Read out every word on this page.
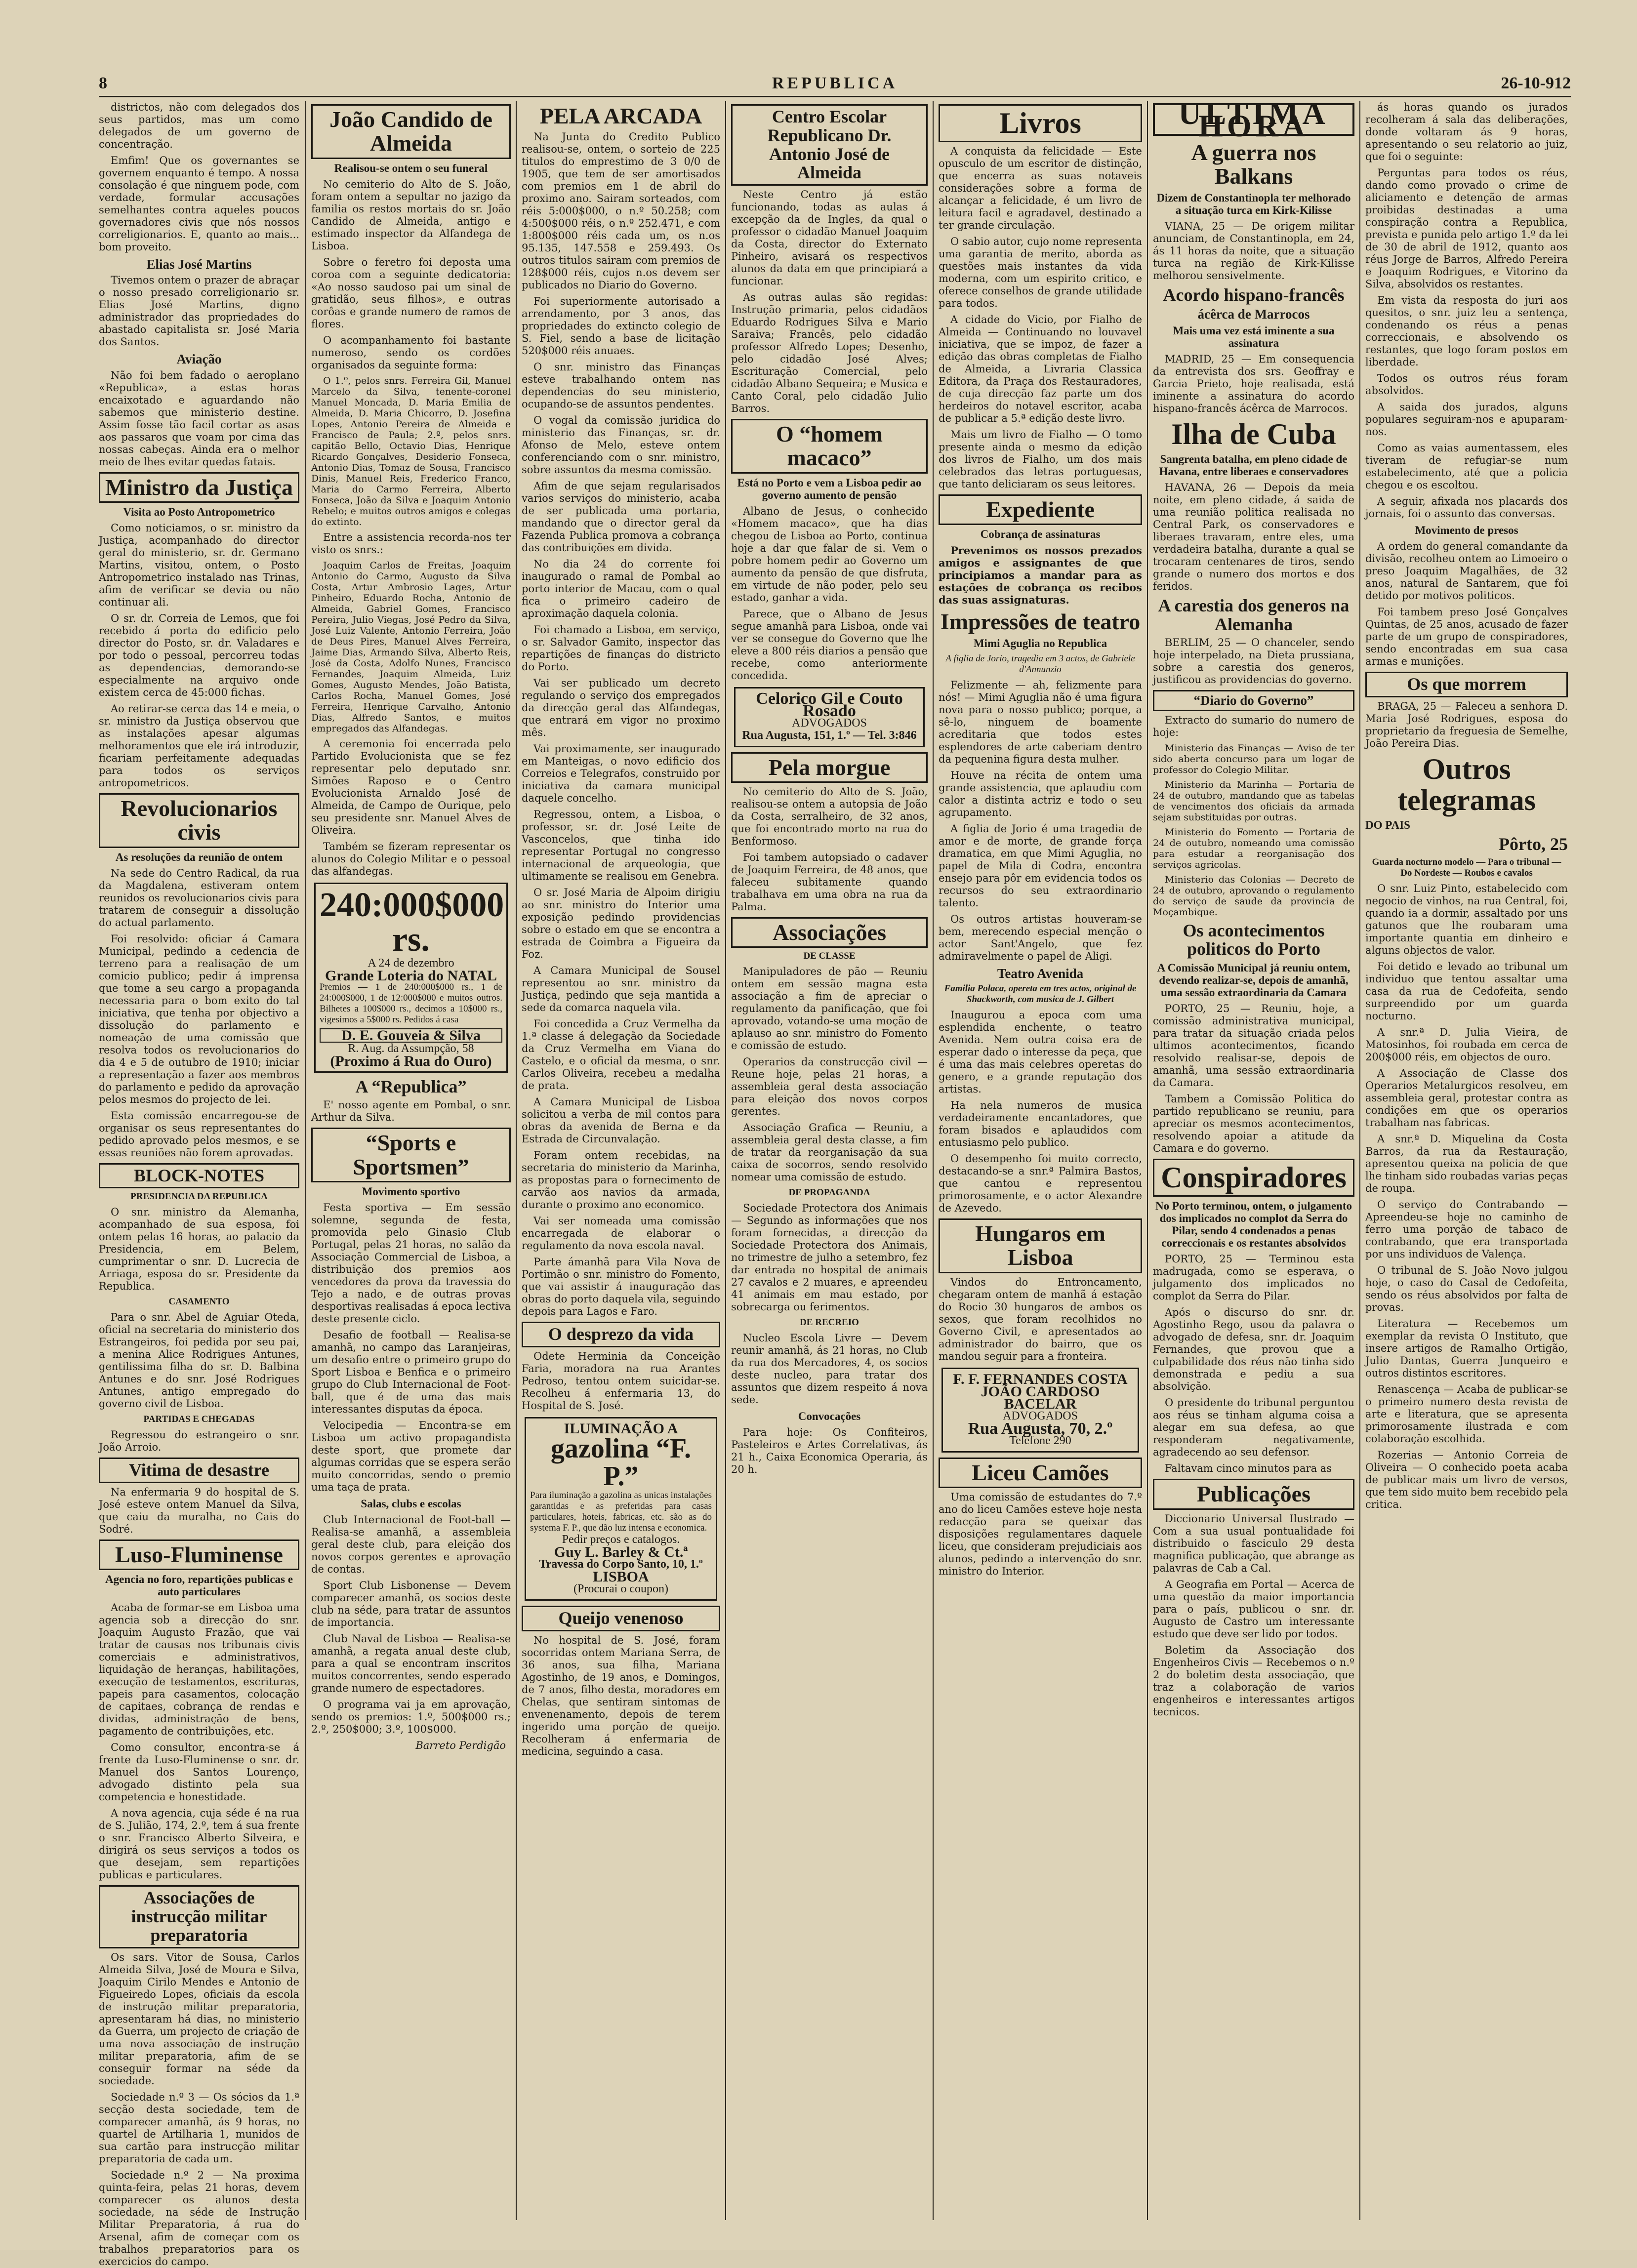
8	REPUBLICA	26-10-912

districtos, não com delegados dos seus partidos, mas um como delegados de um governo de concentração.

Emfim! Que os governantes se governem enquanto é tempo. A nossa consolação é que ninguem pode, com verdade, formular accusações semelhantes contra aqueles poucos governadores civis que nós nossos correligionarios. E, quanto ao mais... bom proveito.

Elias José Martins

Tivemos ontem o prazer de abraçar o nosso presado correligionario sr. Elias José Martins, digno administrador das propriedades do abastado capitalista sr. José Maria dos Santos.

Aviação

Não foi bem fadado o aeroplano «Republica», a estas horas encaixotado e aguardando não sabemos que ministerio destine. Assim fosse tão facil cortar as asas aos passaros que voam por cima das nossas cabeças. Ainda era o melhor meio de lhes evitar quedas fatais.

Ministro da Justiça
Visita ao Posto Antropometrico

Como noticiamos, o sr. ministro da Justiça, acompanhado do director geral do ministerio, sr. dr. Germano Martins, visitou, ontem, o Posto Antropometrico instalado nas Trinas, afim de verificar se devia ou não continuar ali.

O sr. dr. Correia de Lemos, que foi recebido á porta do edificio pelo director do Posto, sr. dr. Valadares e por todo o pessoal, percorreu todas as dependencias, demorando-se especialmente na arquivo onde existem cerca de 45:000 fichas.

Ao retirar-se cerca das 14 e meia, o sr. ministro da Justiça observou que as instalações apesar algumas melhoramentos que ele irá introduzir, ficariam perfeitamente adequadas para todos os serviços antropometricos.

Revolucionarios civis
As resoluções da reunião de ontem

Na sede do Centro Radical, da rua da Magdalena, estiveram ontem reunidos os revolucionarios civis para tratarem de conseguir a dissolução do actual parlamento.

Foi resolvido: oficiar á Camara Municipal, pedindo a cedencia de terreno para a realisação de um comicio publico; pedir á imprensa que tome a seu cargo a propaganda necessaria para o bom exito do tal iniciativa, que tenha por objectivo a dissolução do parlamento e nomeação de uma comissão que resolva todos os revolucionarios do dia 4 e 5 de outubro de 1910; iniciar a representação a fazer aos membros do parlamento e pedido da aprovação pelos mesmos do projecto de lei.

Esta comissão encarregou-se de organisar os seus representantes do pedido aprovado pelos mesmos, e se essas reuniões não forem aprovadas.

BLOCK-NOTES
PRESIDENCIA DA REPUBLICA

O snr. ministro da Alemanha, acompanhado de sua esposa, foi ontem pelas 16 horas, ao palacio da Presidencia, em Belem, cumprimentar o snr. D. Lucrecia de Arriaga, esposa do sr. Presidente da Republica.

CASAMENTO

Para o snr. Abel de Aguiar Oteda, oficial na secretaria do ministerio dos Estrangeiros, foi pedida por seu pai, a menina Alice Rodrigues Antunes, gentilissima filha do sr. D. Balbina Antunes e do snr. José Rodrigues Antunes, antigo empregado do governo civil de Lisboa.

PARTIDAS E CHEGADAS

Regressou do estrangeiro o snr. João Arroio.

Vitima de desastre

Na enfermaria 9 do hospital de S. José esteve ontem Manuel da Silva, que caiu da muralha, no Cais do Sodré.

Luso-Fluminense
Agencia no foro, repartições publicas e auto particulares

Acaba de formar-se em Lisboa uma agencia sob a direcção do snr. Joaquim Augusto Frazão, que vai tratar de causas nos tribunais civis comerciais e administrativos, liquidação de heranças, habilitações, execução de testamentos, escrituras, papeis para casamentos, colocação de capitaes, cobrança de rendas e dividas, administração de bens, pagamento de contribuições, etc.

Como consultor, encontra-se á frente da Luso-Fluminense o snr. dr. Manuel dos Santos Lourenço, advogado distinto pela sua competencia e honestidade.

A nova agencia, cuja séde é na rua de S. Julião, 174, 2.º, tem á sua frente o snr. Francisco Alberto Silveira, e dirigirá os seus serviços a todos os que desejam, sem repartições publicas e particulares.

Associações de instrucção militar preparatoria

Os sars. Vitor de Sousa, Carlos Almeida Silva, José de Moura e Silva, Joaquim Cirilo Mendes e Antonio de Figueiredo Lopes, oficiais da escola de instrução militar preparatoria, apresentaram há dias, no ministerio da Guerra, um projecto de criação de uma nova associação de instrução militar preparatoria, afim de se conseguir formar na séde da sociedade.

Sociedade n.º 3 — Os sócios da 1.ª secção desta sociedade, tem de comparecer amanhã, ás 9 horas, no quartel de Artilharia 1, munidos de sua cartão para instrucção militar preparatoria de cada um.

Sociedade n.º 2 — Na proxima quinta-feira, pelas 21 horas, devem comparecer os alunos desta sociedade, na séde de Instrução Militar Preparatoria, á rua do Arsenal, afim de começar com os trabalhos preparatorios para os exercicios do campo.

João Candido de Almeida
Realisou-se ontem o seu funeral

No cemiterio do Alto de S. João, foram ontem a sepultar no jazigo da familia os restos mortais do sr. João Candido de Almeida, antigo e estimado inspector da Alfandega de Lisboa.

Sobre o feretro foi deposta uma coroa com a seguinte dedicatoria: «Ao nosso saudoso pai um sinal de gratidão, seus filhos», e outras corôas e grande numero de ramos de flores.

O acompanhamento foi bastante numeroso, sendo os cordões organisados da seguinte forma:

O 1.º, pelos snrs. Ferreira Gil, Manuel Marcelo da Silva, tenente-coronel Manuel Moncada, D. Maria Emilia de Almeida, D. Maria Chicorro, D. Josefina Lopes, Antonio Pereira de Almeida e Francisco de Paula; 2.º, pelos snrs. capitão Bello, Octavio Dias, Henrique Ricardo Gonçalves, Desiderio Fonseca, Antonio Dias, Tomaz de Sousa, Francisco Dinis, Manuel Reis, Frederico Franco, Maria do Carmo Ferreira, Alberto Fonseca, João da Silva e Joaquim Antonio Rebelo; e muitos outros amigos e colegas do extinto.

Entre a assistencia recorda-nos ter visto os snrs.:

Joaquim Carlos de Freitas, Joaquim Antonio do Carmo, Augusto da Silva Costa, Artur Ambrosio Lages, Artur Pinheiro, Eduardo Rocha, Antonio de Almeida, Gabriel Gomes, Francisco Pereira, Julio Viegas, José Pedro da Silva, José Luiz Valente, Antonio Ferreira, João de Deus Pires, Manuel Alves Ferreira, Jaime Dias, Armando Silva, Alberto Reis, José da Costa, Adolfo Nunes, Francisco Fernandes, Joaquim Almeida, Luiz Gomes, Augusto Mendes, João Batista, Carlos Rocha, Manuel Gomes, José Ferreira, Henrique Carvalho, Antonio Dias, Alfredo Santos, e muitos empregados das Alfandegas.

A ceremonia foi encerrada pelo Partido Evolucionista que se fez representar pelo deputado snr. Simões Raposo e o Centro Evolucionista Arnaldo José de Almeida, de Campo de Ourique, pelo seu presidente snr. Manuel Alves de Oliveira.

Também se fizeram representar os alunos do Colegio Militar e o pessoal das alfandegas.

240:000$000 rs.
A 24 de dezembro
Grande Loteria do NATAL
Premios — 1 de 240:000$000 rs., 1 de 24:000$000, 1 de 12:000$000 e muitos outros. Bilhetes a 100$000 rs., decimos a 10$000 rs., vigesimos a 5$000 rs. Pedidos á casa
D. E. Gouveia & Silva
R. Aug. da Assumpção, 58
(Proximo á Rua do Ouro)
A “Republica”

E' nosso agente em Pombal, o snr. Arthur da Silva.

“Sports e Sportsmen”
Movimento sportivo

Festa sportiva — Em sessão solemne, segunda de festa, promovida pelo Ginasio Club Portugal, pelas 21 horas, no salão da Associação Commercial de Lisboa, a distribuição dos premios aos vencedores da prova da travessia do Tejo a nado, e de outras provas desportivas realisadas á epoca lectiva deste presente ciclo.

Desafio de football — Realisa-se amanhã, no campo das Laranjeiras, um desafio entre o primeiro grupo do Sport Lisboa e Benfica e o primeiro grupo do Club Internacional de Foot-ball, que é de uma das mais interessantes disputas da época.

Velocipedia — Encontra-se em Lisboa um activo propagandista deste sport, que promete dar algumas corridas que se espera serão muito concorridas, sendo o premio uma taça de prata.

Salas, clubs e escolas

Club Internacional de Foot-ball — Realisa-se amanhã, a assembleia geral deste club, para eleição dos novos corpos gerentes e aprovação de contas.

Sport Club Lisbonense — Devem comparecer amanhã, os socios deste club na séde, para tratar de assuntos de importancia.

Club Naval de Lisboa — Realisa-se amanhã, a regata anual deste club, para a qual se encontram inscritos muitos concorrentes, sendo esperado grande numero de espectadores.

O programa vai ja em aprovação, sendo os premios: 1.º, 500$000 rs.; 2.º, 250$000; 3.º, 100$000.

Barreto Perdigão
PELA ARCADA

Na Junta do Credito Publico realisou-se, ontem, o sorteio de 225 titulos do emprestimo de 3 0/0 de 1905, que tem de ser amortisados com premios em 1 de abril do proximo ano. Sairam sorteados, com réis 5:000$000, o n.º 50.258; com 4:500$000 réis, o n.º 252.471, e com 1:800$000 réis cada um, os n.os 95.135, 147.558 e 259.493. Os outros titulos sairam com premios de 128$000 réis, cujos n.os devem ser publicados no Diario do Governo.

Foi superiormente autorisado a arrendamento, por 3 anos, das propriedades do extincto colegio de S. Fiel, sendo a base de licitação 520$000 réis anuaes.

O snr. ministro das Finanças esteve trabalhando ontem nas dependencias do seu ministerio, ocupando-se de assuntos pendentes.

O vogal da comissão juridica do ministerio das Finanças, sr. dr. Afonso de Melo, esteve ontem conferenciando com o snr. ministro, sobre assuntos da mesma comissão.

Afim de que sejam regularisados varios serviços do ministerio, acaba de ser publicada uma portaria, mandando que o director geral da Fazenda Publica promova a cobrança das contribuições em divida.

No dia 24 do corrente foi inaugurado o ramal de Pombal ao porto interior de Macau, com o qual fica o primeiro cadeiro de aproximação daquela colonia.

Foi chamado a Lisboa, em serviço, o sr. Salvador Gamito, inspector das repartições de finanças do districto do Porto.

Vai ser publicado um decreto regulando o serviço dos empregados da direcção geral das Alfandegas, que entrará em vigor no proximo mês.

Vai proximamente, ser inaugurado em Manteigas, o novo edificio dos Correios e Telegrafos, construido por iniciativa da camara municipal daquele concelho.

Regressou, ontem, a Lisboa, o professor, sr. dr. José Leite de Vasconcelos, que tinha ido representar Portugal no congresso internacional de arqueologia, que ultimamente se realisou em Genebra.

O sr. José Maria de Alpoim dirigiu ao snr. ministro do Interior uma exposição pedindo providencias sobre o estado em que se encontra a estrada de Coimbra a Figueira da Foz.

A Camara Municipal de Sousel representou ao snr. ministro da Justiça, pedindo que seja mantida a sede da comarca naquela vila.

Foi concedida a Cruz Vermelha da 1.ª classe á delegação da Sociedade da Cruz Vermelha em Viana do Castelo, e o oficial da mesma, o snr. Carlos Oliveira, recebeu a medalha de prata.

A Camara Municipal de Lisboa solicitou a verba de mil contos para obras da avenida de Berna e da Estrada de Circunvalação.

Foram ontem recebidas, na secretaria do ministerio da Marinha, as propostas para o fornecimento de carvão aos navios da armada, durante o proximo ano economico.

Vai ser nomeada uma comissão encarregada de elaborar o regulamento da nova escola naval.

Parte ámanhã para Vila Nova de Portimão o snr. ministro do Fomento, que vai assistir á inauguração das obras do porto daquela vila, seguindo depois para Lagos e Faro.

O desprezo da vida

Odete Herminia da Conceição Faria, moradora na rua Arantes Pedroso, tentou ontem suicidar-se. Recolheu á enfermaria 13, do Hospital de S. José.

ILUMINAÇÃO A
gazolina “F. P.”
Para iluminação a gazolina as unicas instalações garantidas e as preferidas para casas particulares, hoteis, fabricas, etc. são as do systema F. P., que dão luz intensa e economica.
Pedir preços e catalogos.
Guy L. Barley & Ct.ª
Travessa do Corpo Santo, 10, 1.º
LISBOA
(Procurai o coupon)
Queijo venenoso

No hospital de S. José, foram socorridas ontem Mariana Serra, de 36 anos, sua filha, Mariana Agostinho, de 19 anos, e Domingos, de 7 anos, filho desta, moradores em Chelas, que sentiram sintomas de envenenamento, depois de terem ingerido uma porção de queijo. Recolheram á enfermaria de medicina, seguindo a casa.

Centro Escolar Republicano Dr. Antonio José de Almeida

Neste Centro já estão funcionando, todas as aulas á excepção da de Ingles, da qual o professor o cidadão Manuel Joaquim da Costa, director do Externato Pinheiro, avisará os respectivos alunos da data em que principiará a funcionar.

As outras aulas são regidas: Instrução primaria, pelos cidadãos Eduardo Rodrigues Silva e Mario Saraiva; Francês, pelo cidadão professor Alfredo Lopes; Desenho, pelo cidadão José Alves; Escrituração Comercial, pelo cidadão Albano Sequeira; e Musica e Canto Coral, pelo cidadão Julio Barros.

O “homem macaco”
Está no Porto e vem a Lisboa pedir ao governo aumento de pensão

Albano de Jesus, o conhecido «Homem macaco», que ha dias chegou de Lisboa ao Porto, continua hoje a dar que falar de si. Vem o pobre homem pedir ao Governo um aumento da pensão de que disfruta, em virtude de não poder, pelo seu estado, ganhar a vida.

Parece, que o Albano de Jesus segue amanhã para Lisboa, onde vai ver se consegue do Governo que lhe eleve a 800 réis diarios a pensão que recebe, como anteriormente concedida.

Celorico Gil e Couto Rosado
ADVOGADOS
Rua Augusta, 151, 1.º — Tel. 3:846
Pela morgue

No cemiterio do Alto de S. João, realisou-se ontem a autopsia de João da Costa, serralheiro, de 32 anos, que foi encontrado morto na rua do Benformoso.

Foi tambem autopsiado o cadaver de Joaquim Ferreira, de 48 anos, que faleceu subitamente quando trabalhava em uma obra na rua da Palma.

Associações
DE CLASSE

Manipuladores de pão — Reuniu ontem em sessão magna esta associação a fim de apreciar o regulamento da panificação, que foi aprovado, votando-se uma moção de aplauso ao snr. ministro do Fomento e comissão de estudo.

Operarios da construcção civil — Reune hoje, pelas 21 horas, a assembleia geral desta associação para eleição dos novos corpos gerentes.

Associação Grafica — Reuniu, a assembleia geral desta classe, a fim de tratar da reorganisação da sua caixa de socorros, sendo resolvido nomear uma comissão de estudo.

DE PROPAGANDA

Sociedade Protectora dos Animais — Segundo as informações que nos foram fornecidas, a direcção da Sociedade Protectora dos Animais, no trimestre de julho a setembro, fez dar entrada no hospital de animais 27 cavalos e 2 muares, e apreendeu 41 animais em mau estado, por sobrecarga ou ferimentos.

DE RECREIO

Nucleo Escola Livre — Devem reunir amanhã, ás 21 horas, no Club da rua dos Mercadores, 4, os socios deste nucleo, para tratar dos assuntos que dizem respeito á nova sede.

Convocações

Para hoje: Os Confiteiros, Pasteleiros e Artes Correlativas, ás 21 h., Caixa Economica Operaria, ás 20 h.

Livros

A conquista da felicidade — Este opusculo de um escritor de distinção, que encerra as suas notaveis considerações sobre a forma de alcançar a felicidade, é um livro de leitura facil e agradavel, destinado a ter grande circulação.

O sabio autor, cujo nome representa uma garantia de merito, aborda as questões mais instantes da vida moderna, com um espirito critico, e oferece conselhos de grande utilidade para todos.

A cidade do Vicio, por Fialho de Almeida — Continuando no louvavel iniciativa, que se impoz, de fazer a edição das obras completas de Fialho de Almeida, a Livraria Classica Editora, da Praça dos Restauradores, de cuja direcção faz parte um dos herdeiros do notavel escritor, acaba de publicar a 5.ª edição deste livro.

Mais um livro de Fialho — O tomo presente ainda o mesmo da edição dos livros de Fialho, um dos mais celebrados das letras portuguesas, que tanto deliciaram os seus leitores.

Expediente
Cobrança de assinaturas

Prevenimos os nossos prezados amigos e assignantes de que principiamos a mandar para as estações de cobrança os recibos das suas assignaturas.

Impressões de teatro
Mimi Aguglia no Republica
A figlia de Jorio, tragedia em 3 actos, de Gabriele d'Annunzio

Felizmente — ah, felizmente para nós! — Mimi Aguglia não é uma figura nova para o nosso publico; porque, a sê-lo, ninguem de boamente acreditaria que todos estes esplendores de arte caberiam dentro da pequenina figura desta mulher.

Houve na récita de ontem uma grande assistencia, que aplaudiu com calor a distinta actriz e todo o seu agrupamento.

A figlia de Jorio é uma tragedia de amor e de morte, de grande força dramatica, em que Mimi Aguglia, no papel de Mila di Codra, encontra ensejo para pôr em evidencia todos os recursos do seu extraordinario talento.

Os outros artistas houveram-se bem, merecendo especial menção o actor Sant'Angelo, que fez admiravelmente o papel de Aligi.

Teatro Avenida
Familia Polaca, opereta em tres actos, original de Shackworth, com musica de J. Gilbert

Inaugurou a epoca com uma esplendida enchente, o teatro Avenida. Nem outra coisa era de esperar dado o interesse da peça, que é uma das mais celebres operetas do genero, e a grande reputação dos artistas.

Ha nela numeros de musica verdadeiramente encantadores, que foram bisados e aplaudidos com entusiasmo pelo publico.

O desempenho foi muito correcto, destacando-se a snr.ª Palmira Bastos, que cantou e representou primorosamente, e o actor Alexandre de Azevedo.

Hungaros em Lisboa

Vindos do Entroncamento, chegaram ontem de manhã á estação do Rocio 30 hungaros de ambos os sexos, que foram recolhidos no Governo Civil, e apresentados ao administrador do bairro, que os mandou seguir para a fronteira.

F. F. FERNANDES COSTA
JOÃO CARDOSO BACELAR
ADVOGADOS
Rua Augusta, 70, 2.º
Telefone 290
Liceu Camões

Uma comissão de estudantes do 7.º ano do liceu Camões esteve hoje nesta redacção para se queixar das disposições regulamentares daquele liceu, que consideram prejudiciais aos alunos, pedindo a intervenção do snr. ministro do Interior.

ULTIMA HORA
A guerra nos Balkans
Dizem de Constantinopla ter melhorado a situação turca em Kirk-Kilisse

VIANA, 25 — De origem militar anunciam, de Constantinopla, em 24, ás 11 horas da noite, que a situação turca na região de Kirk-Kilisse melhorou sensivelmente.

Acordo hispano-francês
ácêrca de Marrocos
Mais uma vez está iminente a sua assinatura

MADRID, 25 — Em consequencia da entrevista dos srs. Geoffray e Garcia Prieto, hoje realisada, está iminente a assinatura do acordo hispano-francês ácêrca de Marrocos.

Ilha de Cuba
Sangrenta batalha, em pleno cidade de Havana, entre liberaes e conservadores

HAVANA, 26 — Depois da meia noite, em pleno cidade, á saida de uma reunião politica realisada no Central Park, os conservadores e liberaes travaram, entre eles, uma verdadeira batalha, durante a qual se trocaram centenares de tiros, sendo grande o numero dos mortos e dos feridos.

A carestia dos generos na Alemanha

BERLIM, 25 — O chanceler, sendo hoje interpelado, na Dieta prussiana, sobre a carestia dos generos, justificou as providencias do governo.

“Diario do Governo”

Extracto do sumario do numero de hoje:

Ministerio das Finanças — Aviso de ter sido aberta concurso para um logar de professor do Colegio Militar.

Ministerio da Marinha — Portaria de 24 de outubro, mandando que as tabelas de vencimentos dos oficiais da armada sejam substituidas por outras.

Ministerio do Fomento — Portaria de 24 de outubro, nomeando uma comissão para estudar a reorganisação dos serviços agricolas.

Ministerio das Colonias — Decreto de 24 de outubro, aprovando o regulamento do serviço de saude da provincia de Moçambique.

Os acontecimentos politicos do Porto
A Comissão Municipal já reuniu ontem, devendo realizar-se, depois de amanhã, uma sessão extraordinaria da Camara

PORTO, 25 — Reuniu, hoje, a comissão administrativa municipal, para tratar da situação criada pelos ultimos acontecimentos, ficando resolvido realisar-se, depois de amanhã, uma sessão extraordinaria da Camara.

Tambem a Comissão Politica do partido republicano se reuniu, para apreciar os mesmos acontecimentos, resolvendo apoiar a atitude da Camara e do governo.

Conspiradores
No Porto terminou, ontem, o julgamento dos implicados no complot da Serra do Pilar, sendo 4 condenados a penas correccionais e os restantes absolvidos

PORTO, 25 — Terminou esta madrugada, como se esperava, o julgamento dos implicados no complot da Serra do Pilar.

Após o discurso do snr. dr. Agostinho Rego, usou da palavra o advogado de defesa, snr. dr. Joaquim Fernandes, que provou que a culpabilidade dos réus não tinha sido demonstrada e pediu a sua absolvição.

O presidente do tribunal perguntou aos réus se tinham alguma coisa a alegar em sua defesa, ao que responderam negativamente, agradecendo ao seu defensor.

Faltavam cinco minutos para as

Publicações

Diccionario Universal Ilustrado — Com a sua usual pontualidade foi distribuido o fasciculo 29 desta magnifica publicação, que abrange as palavras de Cab a Cal.

A Geografia em Portal — Acerca de uma questão da maior importancia para o país, publicou o snr. dr. Augusto de Castro um interessante estudo que deve ser lido por todos.

Boletim da Associação dos Engenheiros Civis — Recebemos o n.º 2 do boletim desta associação, que traz a colaboração de varios engenheiros e interessantes artigos tecnicos.

ás horas quando os jurados recolheram á sala das deliberações, donde voltaram ás 9 horas, apresentando o seu relatorio ao juiz, que foi o seguinte:

Perguntas para todos os réus, dando como provado o crime de aliciamento e detenção de armas proibidas destinadas a uma conspiração contra a Republica, prevista e punida pelo artigo 1.º da lei de 30 de abril de 1912, quanto aos réus Jorge de Barros, Alfredo Pereira e Joaquim Rodrigues, e Vitorino da Silva, absolvidos os restantes.

Em vista da resposta do juri aos quesitos, o snr. juiz leu a sentença, condenando os réus a penas correccionais, e absolvendo os restantes, que logo foram postos em liberdade.

Todos os outros réus foram absolvidos.

A saida dos jurados, alguns populares seguiram-nos e apuparam-nos.

Como as vaias aumentassem, eles tiveram de refugiar-se num estabelecimento, até que a policia chegou e os escoltou.

A seguir, afixada nos placards dos jornais, foi o assunto das conversas.

Movimento de presos

A ordem do general comandante da divisão, recolheu ontem ao Limoeiro o preso Joaquim Magalhães, de 32 anos, natural de Santarem, que foi detido por motivos politicos.

Foi tambem preso José Gonçalves Quintas, de 25 anos, acusado de fazer parte de um grupo de conspiradores, sendo encontradas em sua casa armas e munições.

Os que morrem

BRAGA, 25 — Faleceu a senhora D. Maria José Rodrigues, esposa do proprietario da freguesia de Semelhe, João Pereira Dias.

Outros telegramas
DO PAIS
Pôrto, 25
Guarda nocturno modelo — Para o tribunal — Do Nordeste — Roubos e cavalos

O snr. Luiz Pinto, estabelecido com negocio de vinhos, na rua Central, foi, quando ia a dormir, assaltado por uns gatunos que lhe roubaram uma importante quantia em dinheiro e alguns objectos de valor.

Foi detido e levado ao tribunal um individuo que tentou assaltar uma casa da rua de Cedofeita, sendo surpreendido por um guarda nocturno.

A snr.ª D. Julia Vieira, de Matosinhos, foi roubada em cerca de 200$000 réis, em objectos de ouro.

A Associação de Classe dos Operarios Metalurgicos resolveu, em assembleia geral, protestar contra as condições em que os operarios trabalham nas fabricas.

A snr.ª D. Miquelina da Costa Barros, da rua da Restauração, apresentou queixa na policia de que lhe tinham sido roubadas varias peças de roupa.

O serviço do Contrabando — Apreendeu-se hoje no caminho de ferro uma porção de tabaco de contrabando, que era transportada por uns individuos de Valença.

O tribunal de S. João Novo julgou hoje, o caso do Casal de Cedofeita, sendo os réus absolvidos por falta de provas.

Literatura — Recebemos um exemplar da revista O Instituto, que insere artigos de Ramalho Ortigão, Julio Dantas, Guerra Junqueiro e outros distintos escritores.

Renascença — Acaba de publicar-se o primeiro numero desta revista de arte e literatura, que se apresenta primorosamente ilustrada e com colaboração escolhida.

Rozerias — Antonio Correia de Oliveira — O conhecido poeta acaba de publicar mais um livro de versos, que tem sido muito bem recebido pela critica.
